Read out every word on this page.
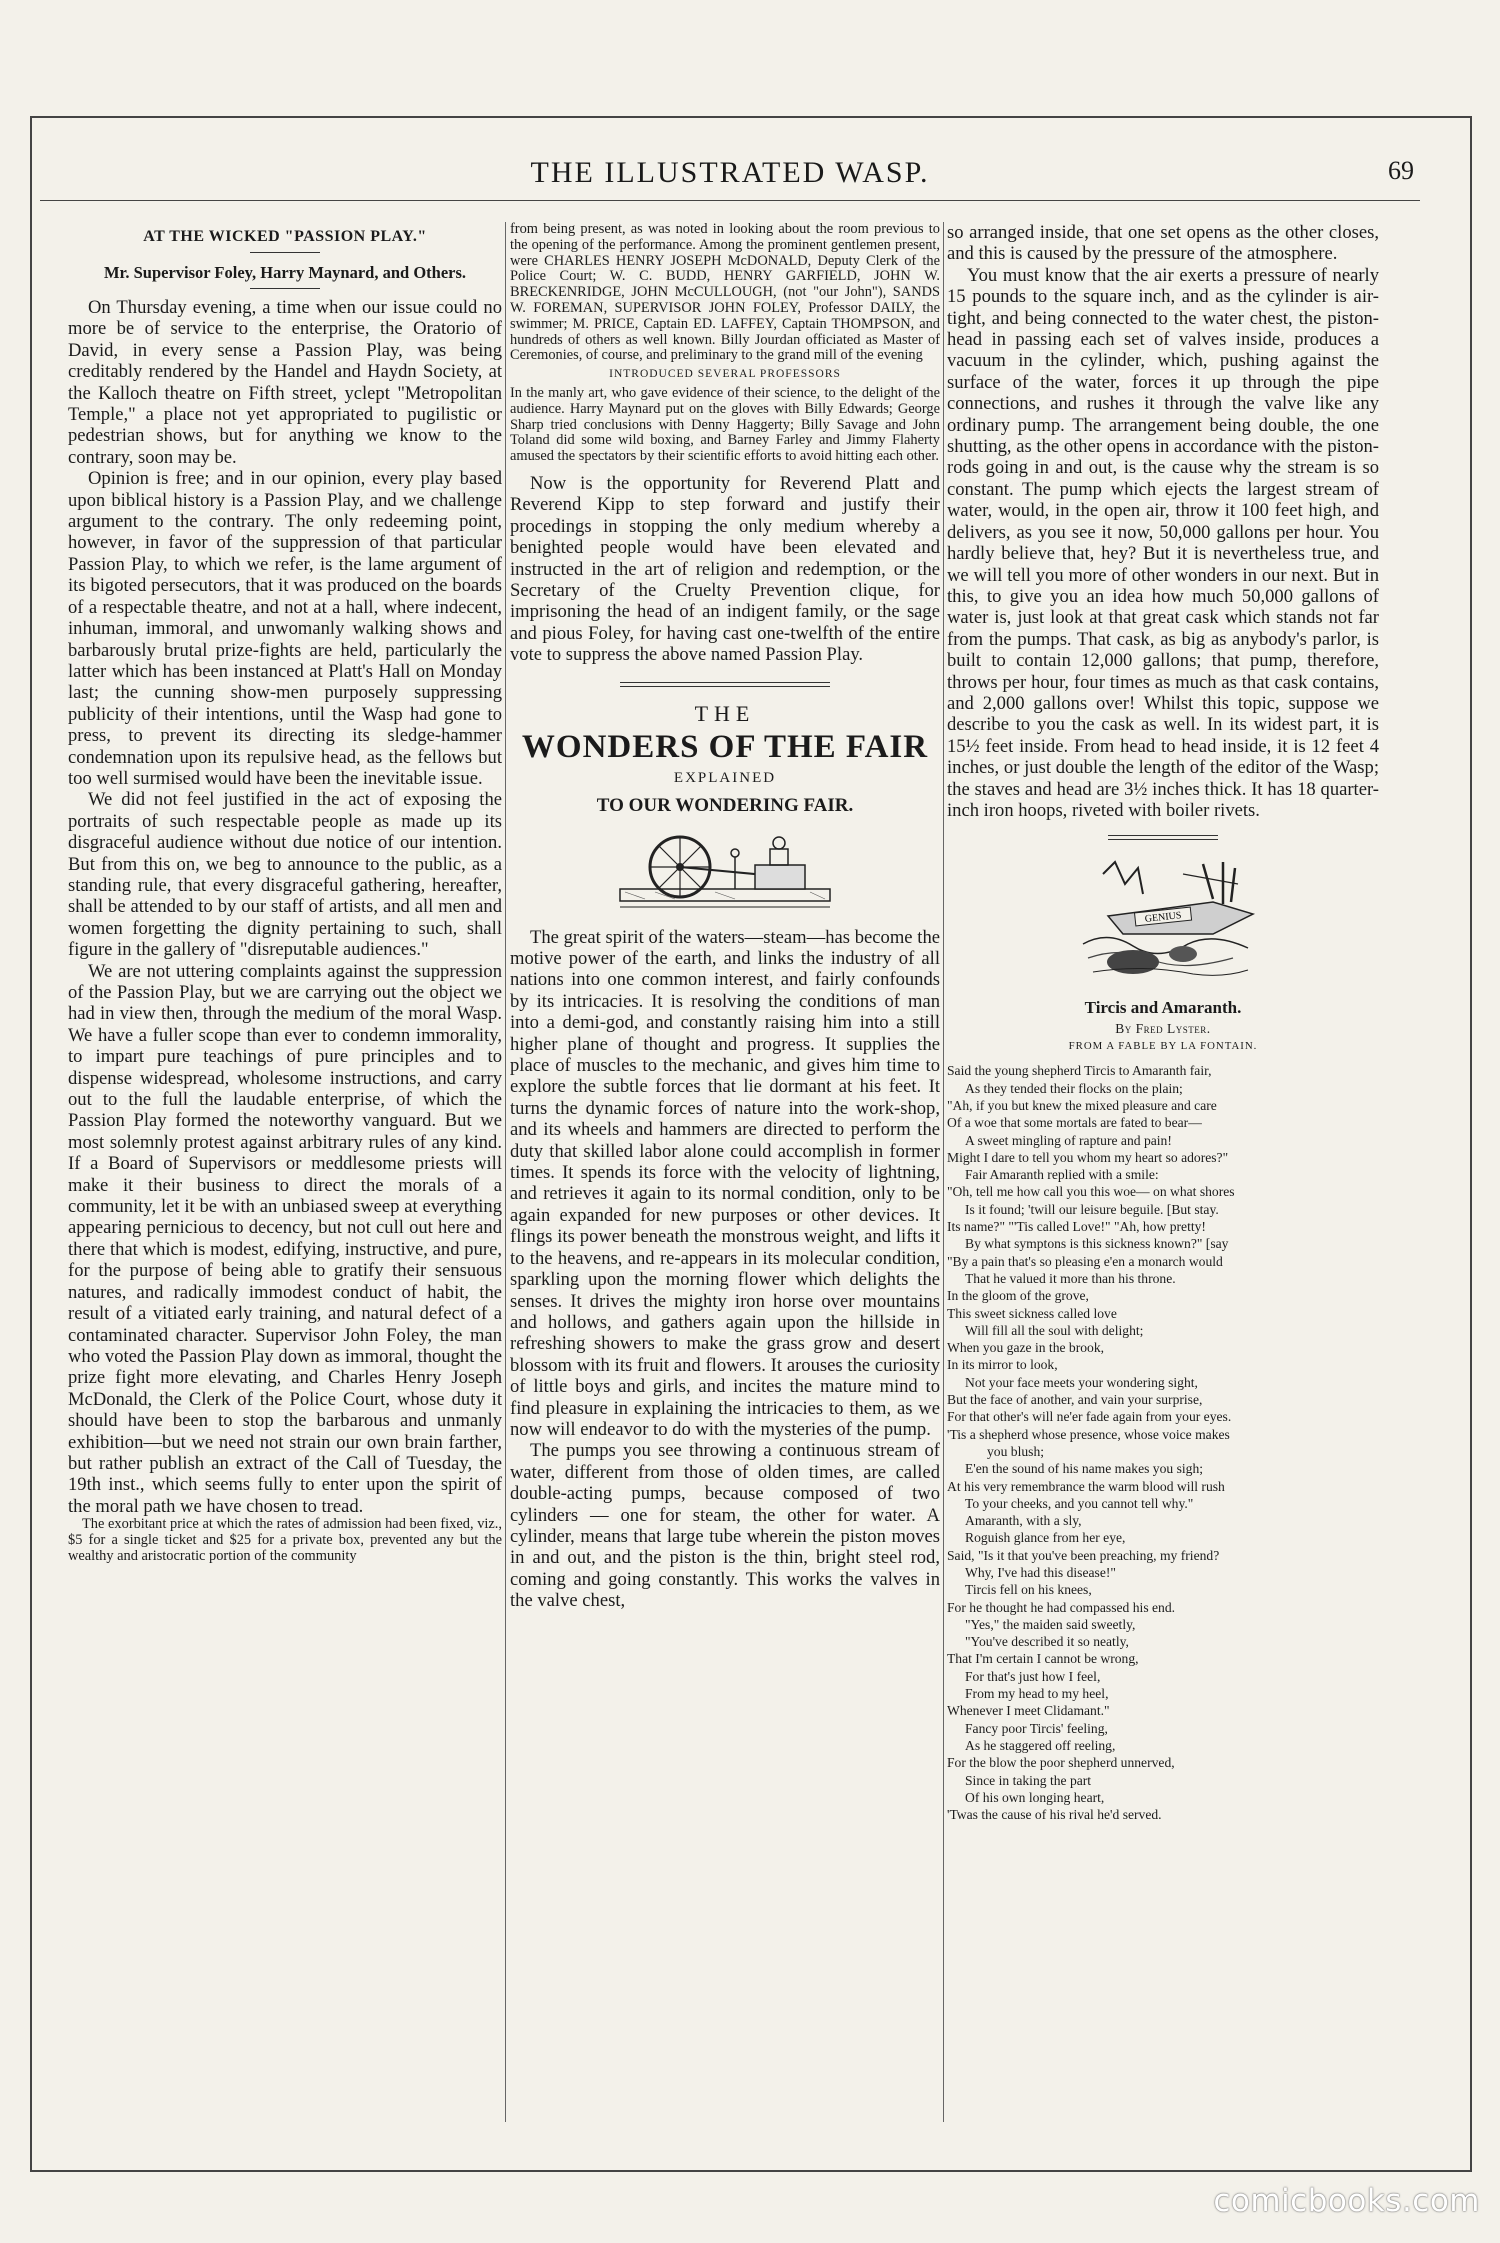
THE ILLUSTRATED WASP.	69
AT THE WICKED "PASSION PLAY."
Mr. Supervisor Foley, Harry Maynard, and Others.

On Thursday evening, a time when our issue could no more be of service to the enterprise, the Oratorio of David, in every sense a Passion Play, was being creditably rendered by the Handel and Haydn Society, at the Kalloch theatre on Fifth street, yclept "Metropolitan Temple," a place not yet appropriated to pugilistic or pedestrian shows, but for anything we know to the contrary, soon may be.

Opinion is free; and in our opinion, every play based upon biblical history is a Passion Play, and we challenge argument to the contrary. The only redeeming point, however, in favor of the suppression of that particular Passion Play, to which we refer, is the lame argument of its bigoted persecutors, that it was produced on the boards of a respectable theatre, and not at a hall, where indecent, inhuman, immoral, and unwomanly walking shows and barbarously brutal prize-fights are held, particularly the latter which has been instanced at Platt's Hall on Monday last; the cunning show-men purposely suppressing publicity of their intentions, until the Wasp had gone to press, to prevent its directing its sledge-hammer condemnation upon its repulsive head, as the fellows but too well surmised would have been the inevitable issue.

We did not feel justified in the act of exposing the portraits of such respectable people as made up its disgraceful audience without due notice of our intention. But from this on, we beg to announce to the public, as a standing rule, that every disgraceful gathering, hereafter, shall be attended to by our staff of artists, and all men and women forgetting the dignity pertaining to such, shall figure in the gallery of "disreputable audiences."

We are not uttering complaints against the suppression of the Passion Play, but we are carrying out the object we had in view then, through the medium of the moral Wasp. We have a fuller scope than ever to condemn immorality, to impart pure teachings of pure principles and to dispense widespread, wholesome instructions, and carry out to the full the laudable enterprise, of which the Passion Play formed the noteworthy vanguard. But we most solemnly protest against arbitrary rules of any kind. If a Board of Supervisors or meddlesome priests will make it their business to direct the morals of a community, let it be with an unbiased sweep at everything appearing pernicious to decency, but not cull out here and there that which is modest, edifying, instructive, and pure, for the purpose of being able to gratify their sensuous natures, and radically immodest conduct of habit, the result of a vitiated early training, and natural defect of a contaminated character. Supervisor John Foley, the man who voted the Passion Play down as immoral, thought the prize fight more elevating, and Charles Henry Joseph McDonald, the Clerk of the Police Court, whose duty it should have been to stop the barbarous and unmanly exhibition—but we need not strain our own brain farther, but rather publish an extract of the Call of Tuesday, the 19th inst., which seems fully to enter upon the spirit of the moral path we have chosen to tread.

The exorbitant price at which the rates of admission had been fixed, viz., $5 for a single ticket and $25 for a private box, prevented any but the wealthy and aristocratic portion of the community

from being present, as was noted in looking about the room previous to the opening of the performance. Among the prominent gentlemen present, were CHARLES HENRY JOSEPH McDONALD, Deputy Clerk of the Police Court; W. C. BUDD, HENRY GARFIELD, JOHN W. BRECKENRIDGE, JOHN McCULLOUGH, (not "our John"), SANDS W. FOREMAN, SUPERVISOR JOHN FOLEY, Professor DAILY, the swimmer; M. PRICE, Captain ED. LAFFEY, Captain THOMPSON, and hundreds of others as well known. Billy Jourdan officiated as Master of Ceremonies, of course, and preliminary to the grand mill of the evening

INTRODUCED SEVERAL PROFESSORS

In the manly art, who gave evidence of their science, to the delight of the audience. Harry Maynard put on the gloves with Billy Edwards; George Sharp tried conclusions with Denny Haggerty; Billy Savage and John Toland did some wild boxing, and Barney Farley and Jimmy Flaherty amused the spectators by their scientific efforts to avoid hitting each other.

Now is the opportunity for Reverend Platt and Reverend Kipp to step forward and justify their procedings in stopping the only medium whereby a benighted people would have been elevated and instructed in the art of religion and redemption, or the Secretary of the Cruelty Prevention clique, for imprisoning the head of an indigent family, or the sage and pious Foley, for having cast one-twelfth of the entire vote to suppress the above named Passion Play.

THE
WONDERS OF THE FAIR
EXPLAINED
TO OUR WONDERING FAIR.

The great spirit of the waters—steam—has become the motive power of the earth, and links the industry of all nations into one common interest, and fairly confounds by its intricacies. It is resolving the conditions of man into a demi-god, and constantly raising him into a still higher plane of thought and progress. It supplies the place of muscles to the mechanic, and gives him time to explore the subtle forces that lie dormant at his feet. It turns the dynamic forces of nature into the work-shop, and its wheels and hammers are directed to perform the duty that skilled labor alone could accomplish in former times. It spends its force with the velocity of lightning, and retrieves it again to its normal condition, only to be again expanded for new purposes or other devices. It flings its power beneath the monstrous weight, and lifts it to the heavens, and re-appears in its molecular condition, sparkling upon the morning flower which delights the senses. It drives the mighty iron horse over mountains and hollows, and gathers again upon the hillside in refreshing showers to make the grass grow and desert blossom with its fruit and flowers. It arouses the curiosity of little boys and girls, and incites the mature mind to find pleasure in explaining the intricacies to them, as we now will endeavor to do with the mysteries of the pump.

The pumps you see throwing a continuous stream of water, different from those of olden times, are called double-acting pumps, because composed of two cylinders — one for steam, the other for water. A cylinder, means that large tube wherein the piston moves in and out, and the piston is the thin, bright steel rod, coming and going constantly. This works the valves in the valve chest,

so arranged inside, that one set opens as the other closes, and this is caused by the pressure of the atmosphere.

You must know that the air exerts a pressure of nearly 15 pounds to the square inch, and as the cylinder is air-tight, and being connected to the water chest, the piston-head in passing each set of valves inside, produces a vacuum in the cylinder, which, pushing against the surface of the water, forces it up through the pipe connections, and rushes it through the valve like any ordinary pump. The arrangement being double, the one shutting, as the other opens in accordance with the piston-rods going in and out, is the cause why the stream is so constant. The pump which ejects the largest stream of water, would, in the open air, throw it 100 feet high, and delivers, as you see it now, 50,000 gallons per hour. You hardly believe that, hey? But it is nevertheless true, and we will tell you more of other wonders in our next. But in this, to give you an idea how much 50,000 gallons of water is, just look at that great cask which stands not far from the pumps. That cask, as big as anybody's parlor, is built to contain 12,000 gallons; that pump, therefore, throws per hour, four times as much as that cask contains, and 2,000 gallons over! Whilst this topic, suppose we describe to you the cask as well. In its widest part, it is 15½ feet inside. From head to head inside, it is 12 feet 4 inches, or just double the length of the editor of the Wasp; the staves and head are 3½ inches thick. It has 18 quarter-inch iron hoops, riveted with boiler rivets.

GENIUS
Tircis and Amaranth.
By Fred Lyster.
FROM A FABLE BY LA FONTAIN.
Said the young shepherd Tircis to Amaranth fair,
As they tended their flocks on the plain;
"Ah, if you but knew the mixed pleasure and care
Of a woe that some mortals are fated to bear—
A sweet mingling of rapture and pain!
Might I dare to tell you whom my heart so adores?"
Fair Amaranth replied with a smile:
"Oh, tell me how call you this woe— on what shores
Is it found; 'twill our leisure beguile. [But stay.
Its name?" "'Tis called Love!" "Ah, how pretty!
By what symptons is this sickness known?" [say
"By a pain that's so pleasing e'en a monarch would
That he valued it more than his throne.
In the gloom of the grove,
This sweet sickness called love
Will fill all the soul with delight;
When you gaze in the brook,
In its mirror to look,
Not your face meets your wondering sight,
But the face of another, and vain your surprise,
For that other's will ne'er fade again from your eyes.
'Tis a shepherd whose presence, whose voice makes
you blush;
E'en the sound of his name makes you sigh;
At his very remembrance the warm blood will rush
To your cheeks, and you cannot tell why."
Amaranth, with a sly,
Roguish glance from her eye,
Said, "Is it that you've been preaching, my friend?
Why, I've had this disease!"
Tircis fell on his knees,
For he thought he had compassed his end.
"Yes," the maiden said sweetly,
"You've described it so neatly,
That I'm certain I cannot be wrong,
For that's just how I feel,
From my head to my heel,
Whenever I meet Clidamant."
Fancy poor Tircis' feeling,
As he staggered off reeling,
For the blow the poor shepherd unnerved,
Since in taking the part
Of his own longing heart,
'Twas the cause of his rival he'd served.
comicbooks.com
